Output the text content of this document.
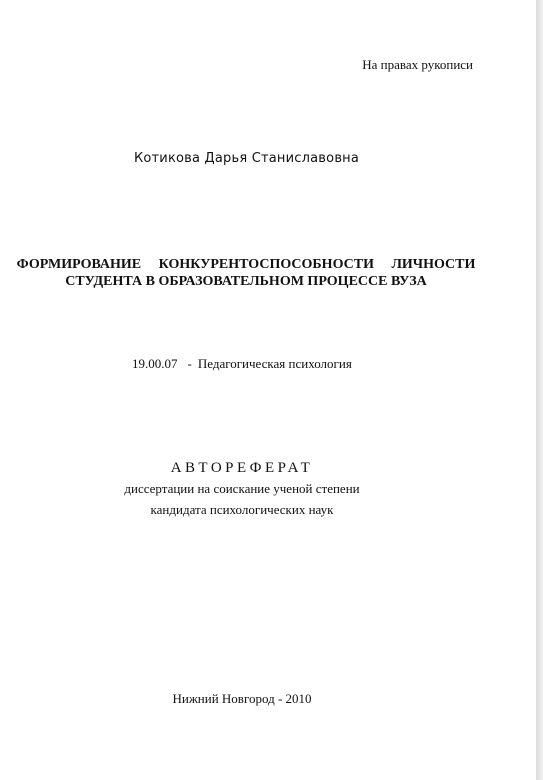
На правах рукописи
Котикова Дарья Станиславовна
ФОРМИРОВАНИЕ КОНКУРЕНТОСПОСОБНОСТИ ЛИЧНОСТИ
СТУДЕНТА В ОБРАЗОВАТЕЛЬНОМ ПРОЦЕССЕ ВУЗА
19.00.07 - Педагогическая психология
АВТОРЕФЕРАТ
диссертации на соискание ученой степени
кандидата психологических наук
Нижний Новгород - 2010
